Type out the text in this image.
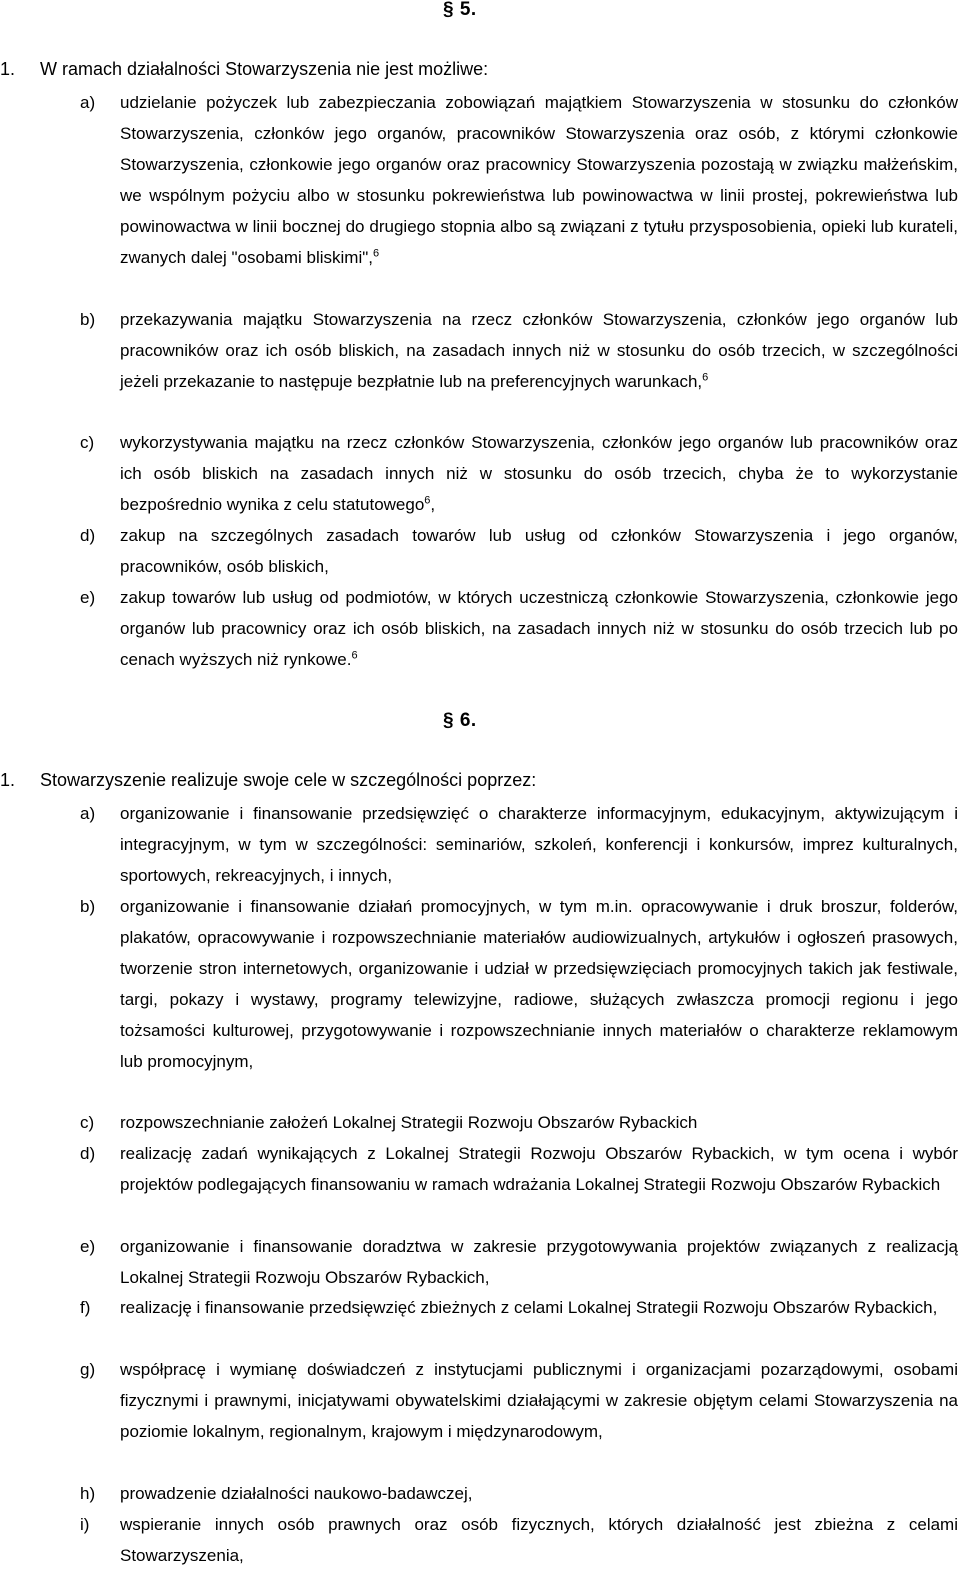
§ 5.
1. W ramach działalności Stowarzyszenia nie jest możliwe:
a)	udzielanie pożyczek lub zabezpieczania zobowiązań majątkiem Stowarzyszenia w stosunku do członków Stowarzyszenia, członków jego organów, pracowników Stowarzyszenia oraz osób, z którymi członkowie Stowarzyszenia, członkowie jego organów oraz pracownicy Stowarzyszenia pozostają w związku małżeńskim, we wspólnym pożyciu albo w stosunku pokrewieństwa lub powinowactwa w linii prostej, pokrewieństwa lub powinowactwa w linii bocznej do drugiego stopnia albo są związani z tytułu przysposobienia, opieki lub kurateli, zwanych dalej "osobami bliskimi",$^6$
b)	przekazywania majątku Stowarzyszenia na rzecz członków Stowarzyszenia, członków jego organów lub pracowników oraz ich osób bliskich, na zasadach innych niż w stosunku do osób trzecich, w szczególności jeżeli przekazanie to następuje bezpłatnie lub na preferencyjnych warunkach,$^6$
c)	wykorzystywania majątku na rzecz członków Stowarzyszenia, członków jego organów lub pracowników oraz ich osób bliskich na zasadach innych niż w stosunku do osób trzecich, chyba że to wykorzystanie bezpośrednio wynika z celu statutowego$^6$,
d)	zakup na szczególnych zasadach towarów lub usług od członków Stowarzyszenia i jego organów, pracowników, osób bliskich,
e)	zakup towarów lub usług od podmiotów, w których uczestniczą członkowie Stowarzyszenia, członkowie jego organów lub pracownicy oraz ich osób bliskich, na zasadach innych niż w stosunku do osób trzecich lub po cenach wyższych niż rynkowe.$^6$
§ 6.
1. Stowarzyszenie realizuje swoje cele w szczególności poprzez:
a)	organizowanie i finansowanie przedsięwzięć o charakterze informacyjnym, edukacyjnym, aktywizującym i integracyjnym, w tym w szczególności: seminariów, szkoleń, konferencji i konkursów, imprez kulturalnych, sportowych, rekreacyjnych, i innych,
b)	organizowanie i finansowanie działań promocyjnych, w tym m.in. opracowywanie i druk broszur, folderów, plakatów, opracowywanie i rozpowszechnianie materiałów audiowizualnych, artykułów i ogłoszeń prasowych, tworzenie stron internetowych, organizowanie i udział w przedsięwzięciach promocyjnych takich jak festiwale, targi, pokazy i wystawy, programy telewizyjne, radiowe, służących zwłaszcza promocji regionu i jego tożsamości kulturowej, przygotowywanie i rozpowszechnianie innych materiałów o charakterze reklamowym lub promocyjnym,
c)	rozpowszechnianie założeń Lokalnej Strategii Rozwoju Obszarów Rybackich
d)	realizację zadań wynikających z Lokalnej Strategii Rozwoju Obszarów Rybackich, w tym ocena i wybór projektów podlegających finansowaniu w ramach wdrażania Lokalnej Strategii Rozwoju Obszarów Rybackich
e)	organizowanie i finansowanie doradztwa w zakresie przygotowywania projektów związanych z realizacją Lokalnej Strategii Rozwoju Obszarów Rybackich,
f)	realizację i finansowanie przedsięwzięć zbieżnych z celami Lokalnej Strategii Rozwoju Obszarów Rybackich,
g)	współpracę i wymianę doświadczeń z instytucjami publicznymi i organizacjami pozarządowymi, osobami fizycznymi i prawnymi, inicjatywami obywatelskimi działającymi w zakresie objętym celami Stowarzyszenia na poziomie lokalnym, regionalnym, krajowym i międzynarodowym,
h)	prowadzenie działalności naukowo-badawczej,
i)	wspieranie innych osób prawnych oraz osób fizycznych, których działalność jest zbieżna z celami Stowarzyszenia,
